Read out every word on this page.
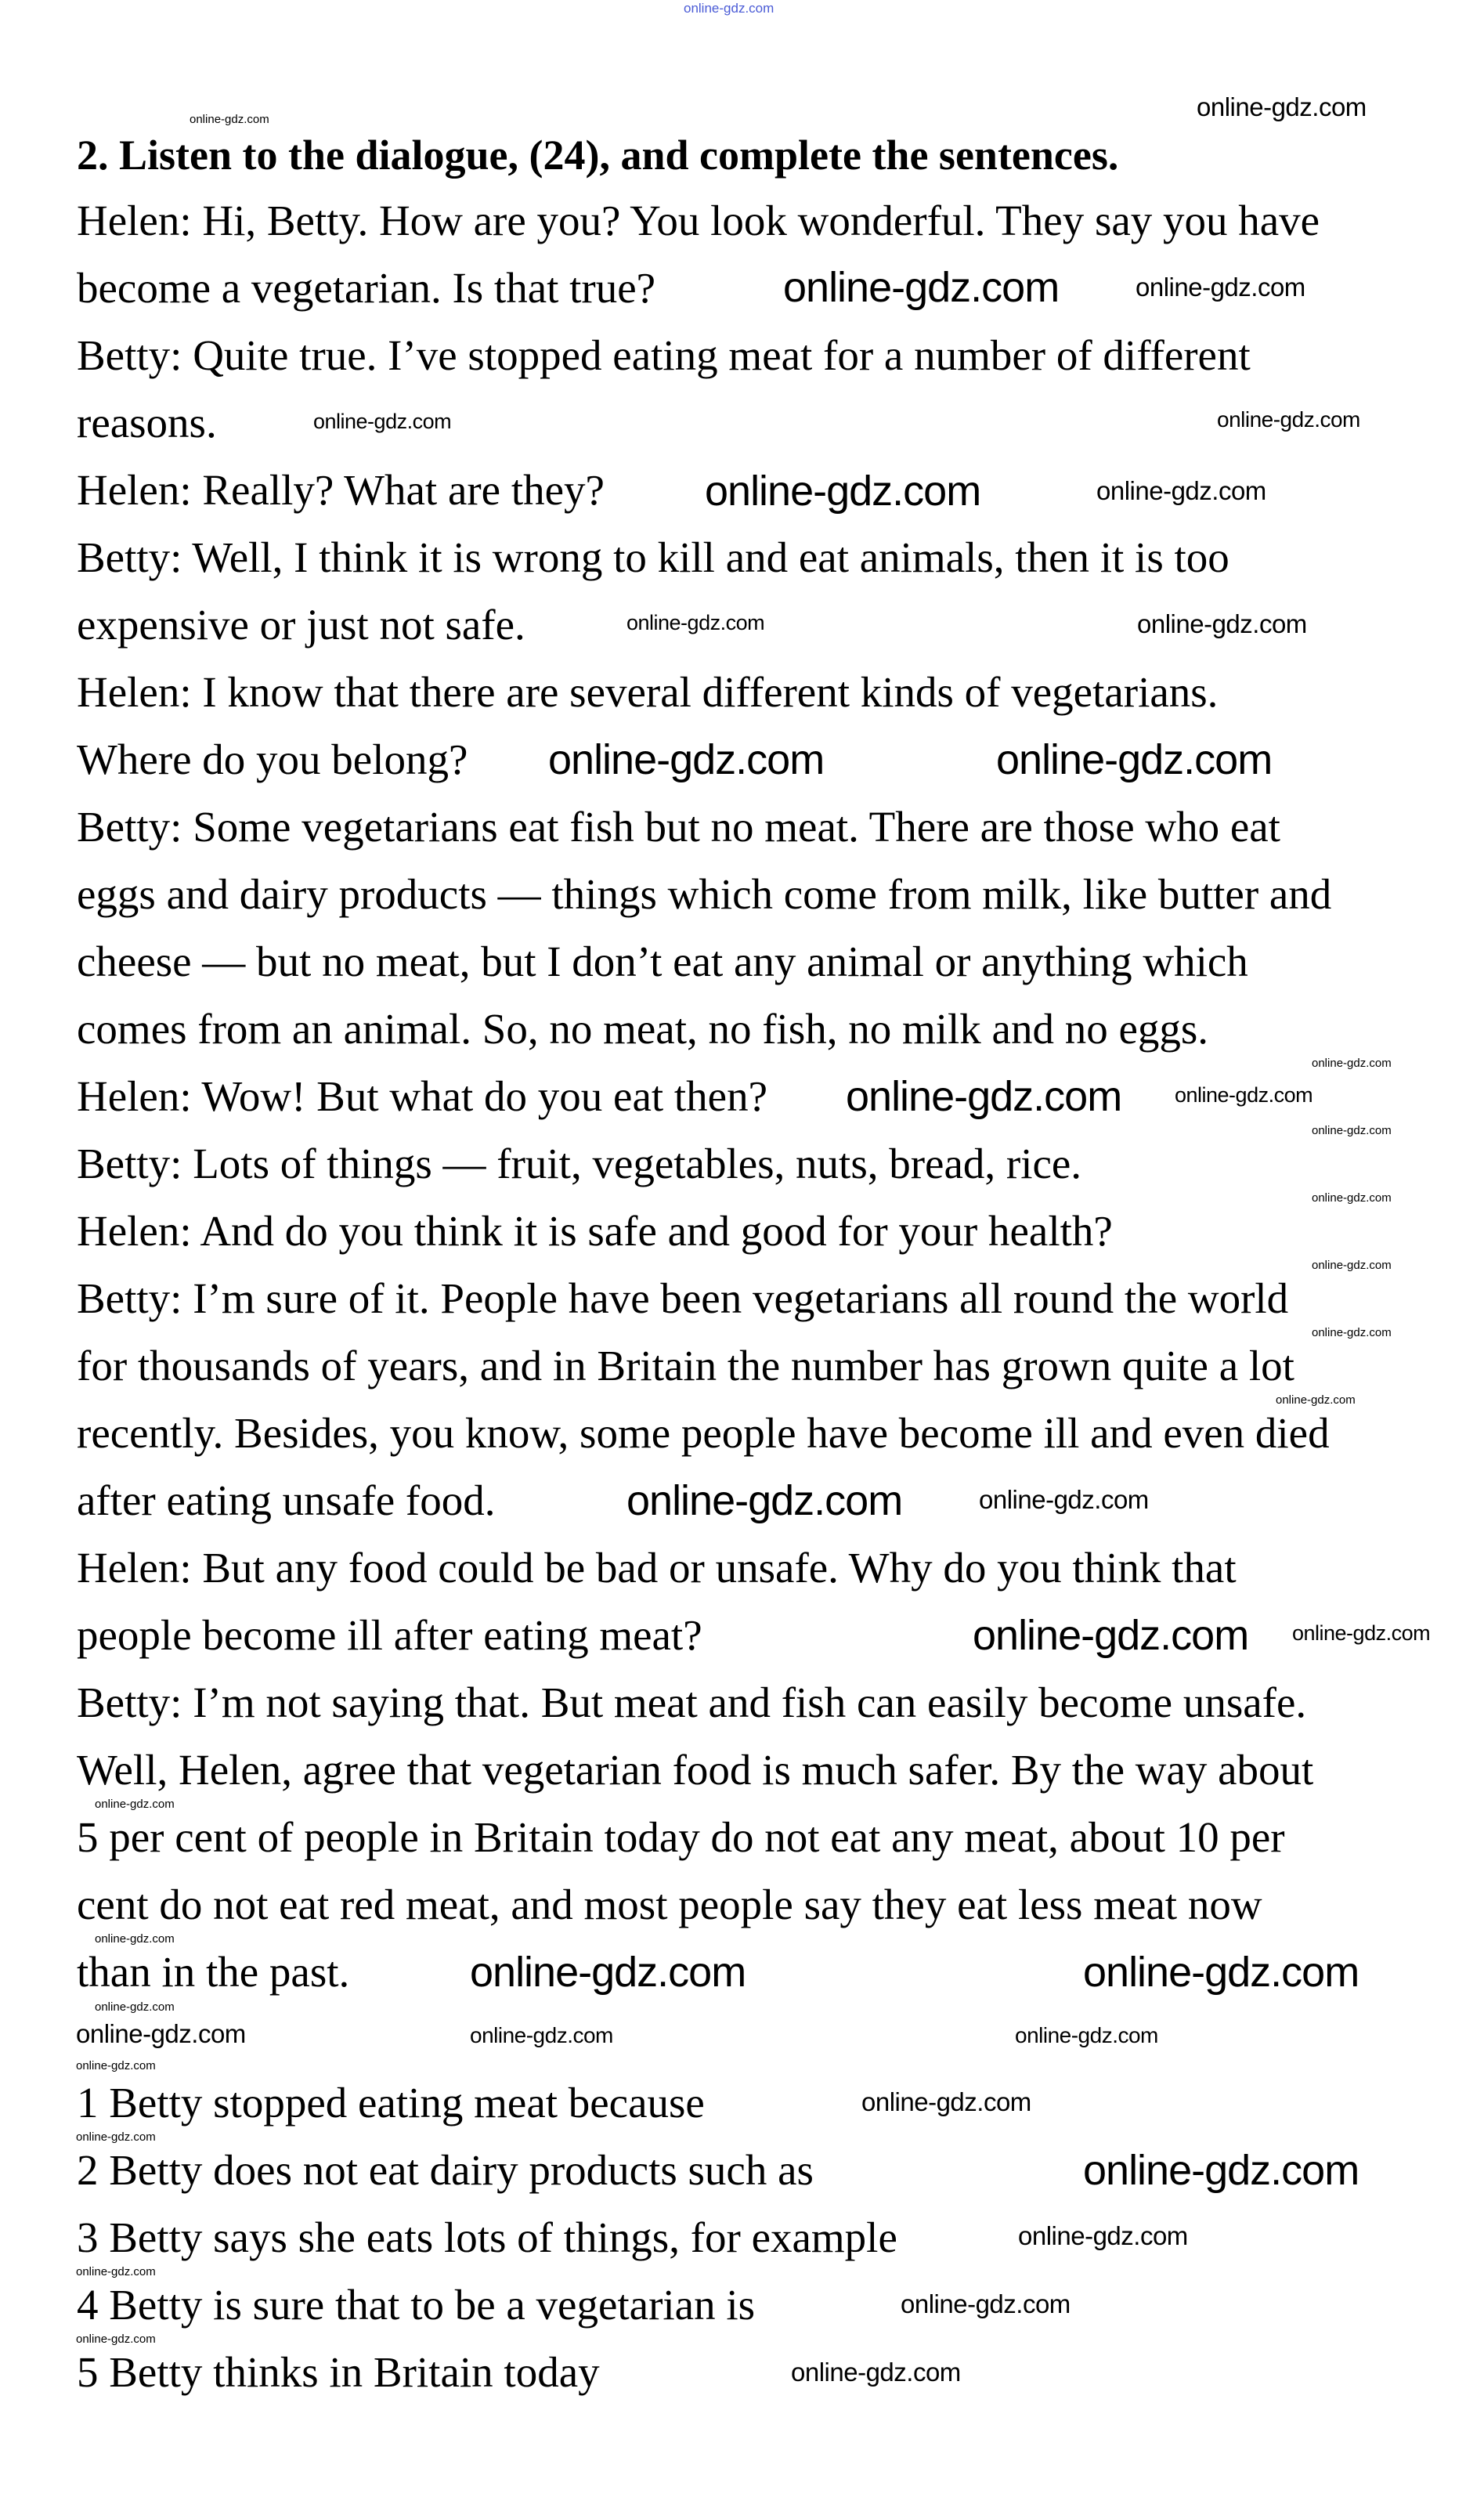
2. Listen to the dialogue, (24), and complete the sentences.
Helen: Hi, Betty. How are you? You look wonderful. They say you have
become a vegetarian. Is that true?
Betty: Quite true. I’ve stopped eating meat for a number of different
reasons.
Helen: Really? What are they?
Betty: Well, I think it is wrong to kill and eat animals, then it is too
expensive or just not safe.
Helen: I know that there are several different kinds of vegetarians.
Where do you belong?
Betty: Some vegetarians eat fish but no meat. There are those who eat
eggs and dairy products — things which come from milk, like butter and
cheese — but no meat, but I don’t eat any animal or anything which
comes from an animal. So, no meat, no fish, no milk and no eggs.
Helen: Wow! But what do you eat then?
Betty: Lots of things — fruit, vegetables, nuts, bread, rice.
Helen: And do you think it is safe and good for your health?
Betty: I’m sure of it. People have been vegetarians all round the world
for thousands of years, and in Britain the number has grown quite a lot
recently. Besides, you know, some people have become ill and even died
after eating unsafe food.
Helen: But any food could be bad or unsafe. Why do you think that
people become ill after eating meat?
Betty: I’m not saying that. But meat and fish can easily become unsafe.
Well, Helen, agree that vegetarian food is much safer. By the way about
5 per cent of people in Britain today do not eat any meat, about 10 per
cent do not eat red meat, and most people say they eat less meat now
than in the past.
1 Betty stopped eating meat because
2 Betty does not eat dairy products such as
3 Betty says she eats lots of things, for example
4 Betty is sure that to be a vegetarian is
5 Betty thinks in Britain today
online-gdz.com
online-gdz.com
online-gdz.com
online-gdz.com	online-gdz.com
online-gdz.com
online-gdz.com
online-gdz.com
online-gdz.com	online-gdz.com
online-gdz.com
online-gdz.com
online-gdz.com
online-gdz.com
online-gdz.com
online-gdz.com
online-gdz.com
online-gdz.com
online-gdz.com
online-gdz.com
online-gdz.com
online-gdz.com	online-gdz.com
online-gdz.com
online-gdz.com
online-gdz.com
online-gdz.com
online-gdz.com
online-gdz.com
online-gdz.com
online-gdz.com
online-gdz.com
online-gdz.com
online-gdz.com
online-gdz.com
online-gdz.com
online-gdz.com
online-gdz.com
online-gdz.com
online-gdz.com
online-gdz.com
online-gdz.com
